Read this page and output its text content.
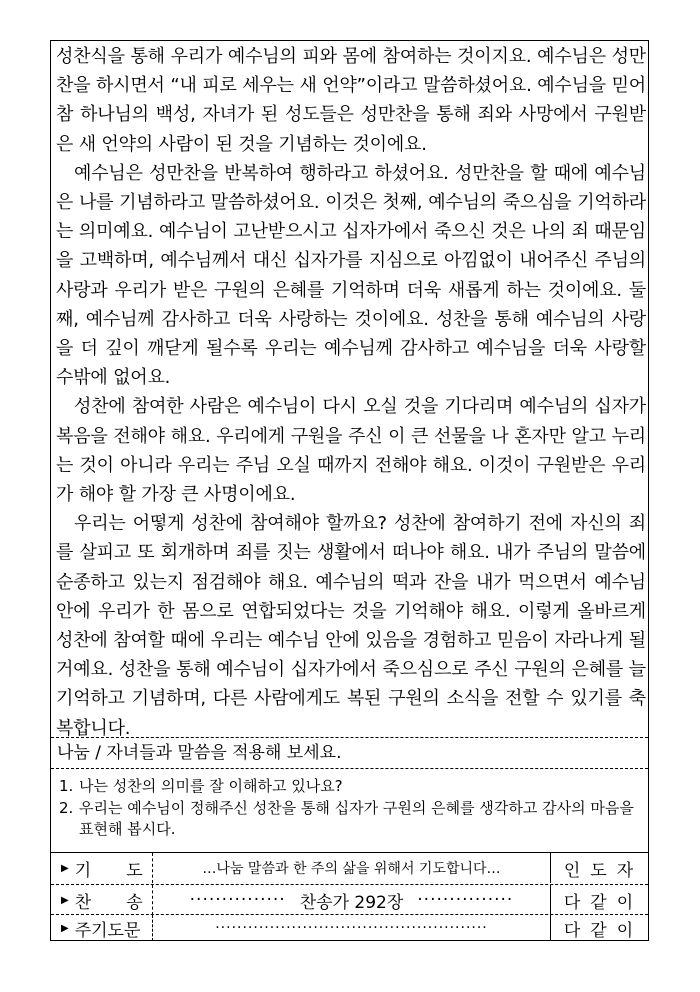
성찬식을 통해 우리가 예수님의 피와 몸에 참여하는 것이지요. 예수님은 성만찬을 하시면서 “내 피로 세우는 새 언약”이라고 말씀하셨어요. 예수님을 믿어 참 하나님의 백성, 자녀가 된 성도들은 성만찬을 통해 죄와 사망에서 구원받은 새 언약의 사람이 된 것을 기념하는 것이에요.

예수님은 성만찬을 반복하여 행하라고 하셨어요. 성만찬을 할 때에 예수님은 나를 기념하라고 말씀하셨어요. 이것은 첫째, 예수님의 죽으심을 기억하라는 의미예요. 예수님이 고난받으시고 십자가에서 죽으신 것은 나의 죄 때문임을 고백하며, 예수님께서 대신 십자가를 지심으로 아낌없이 내어주신 주님의 사랑과 우리가 받은 구원의 은혜를 기억하며 더욱 새롭게 하는 것이에요. 둘째, 예수님께 감사하고 더욱 사랑하는 것이에요. 성찬을 통해 예수님의 사랑을 더 깊이 깨닫게 될수록 우리는 예수님께 감사하고 예수님을 더욱 사랑할 수밖에 없어요.

성찬에 참여한 사람은 예수님이 다시 오실 것을 기다리며 예수님의 십자가 복음을 전해야 해요. 우리에게 구원을 주신 이 큰 선물을 나 혼자만 알고 누리는 것이 아니라 우리는 주님 오실 때까지 전해야 해요. 이것이 구원받은 우리가 해야 할 가장 큰 사명이에요.

우리는 어떻게 성찬에 참여해야 할까요? 성찬에 참여하기 전에 자신의 죄를 살피고 또 회개하며 죄를 짓는 생활에서 떠나야 해요. 내가 주님의 말씀에 순종하고 있는지 점검해야 해요. 예수님의 떡과 잔을 내가 먹으면서 예수님 안에 우리가 한 몸으로 연합되었다는 것을 기억해야 해요. 이렇게 올바르게 성찬에 참여할 때에 우리는 예수님 안에 있음을 경험하고 믿음이 자라나게 될 거예요. 성찬을 통해 예수님이 십자가에서 죽으심으로 주신 구원의 은혜를 늘 기억하고 기념하며, 다른 사람에게도 복된 구원의 소식을 전할 수 있기를 축복합니다.

나눔 / 자녀들과 말씀을 적용해 보세요.
1. 나는 성찬의 의미를 잘 이해하고 있나요?
2. 우리는 예수님이 정해주신 성찬을 통해 십자가 구원의 은혜를 생각하고 감사의 마음을 표현해 봅시다.
▶ 기 도	…나눔 말씀과 한 주의 삶을 위해서 기도합니다…	인도자
▶ 찬 송	··············· 찬송가 292장 ···············	다같이
▶ 주기도문	··················································	다같이
